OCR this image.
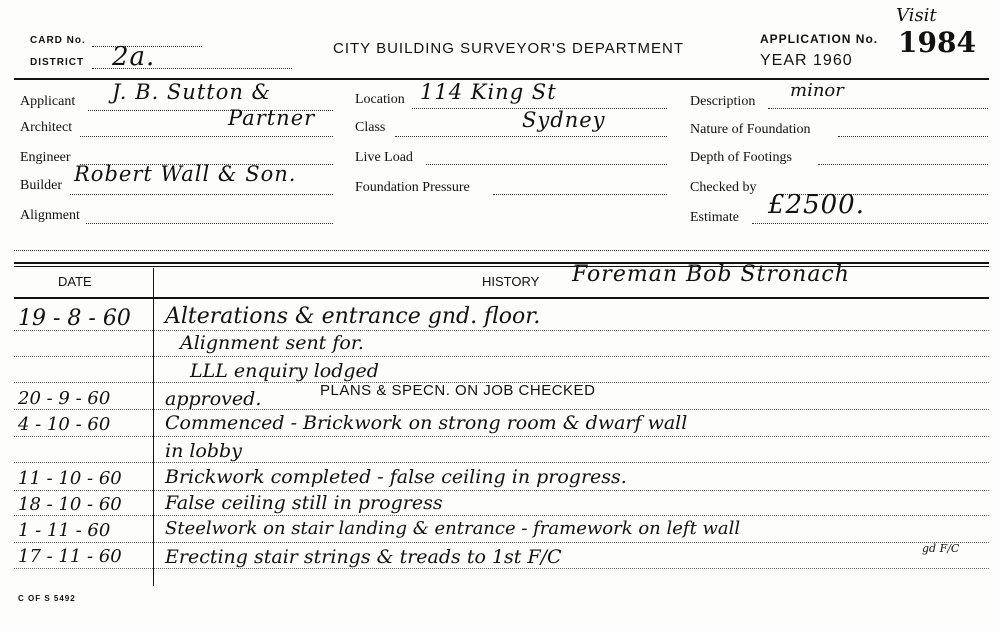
CARD No.
DISTRICT 2a.	CITY BUILDING SURVEYOR'S DEPARTMENT
APPLICATION No.
Visit
1984
YEAR 1960
Applicant J. B. Sutton &
Architect	Partner
Engineer
Builder Robert Wall & Son.
Alignment
Location 114 King St
Class	Sydney
Live Load
Foundation Pressure
Description
minor
Nature of Foundation
Depth of Footings
Checked by
Estimate £2500.
DATE	HISTORY Foreman Bob Stronach
19 - 8 - 60	Alterations & entrance gnd. floor.
Alignment sent for.
LLL enquiry lodged
20 - 9 - 60	approved.	PLANS & SPECN. ON JOB CHECKED
4 - 10 - 60	Commenced - Brickwork on strong room & dwarf wall
in lobby
11 - 10 - 60	Brickwork completed - false ceiling in progress.
18 - 10 - 60	False ceiling still in progress
1 - 11 - 60	Steelwork on stair landing & entrance - framework on left wall
17 - 11 - 60	Erecting stair strings & treads to 1st F/C	gd F/C
C OF S 5492
